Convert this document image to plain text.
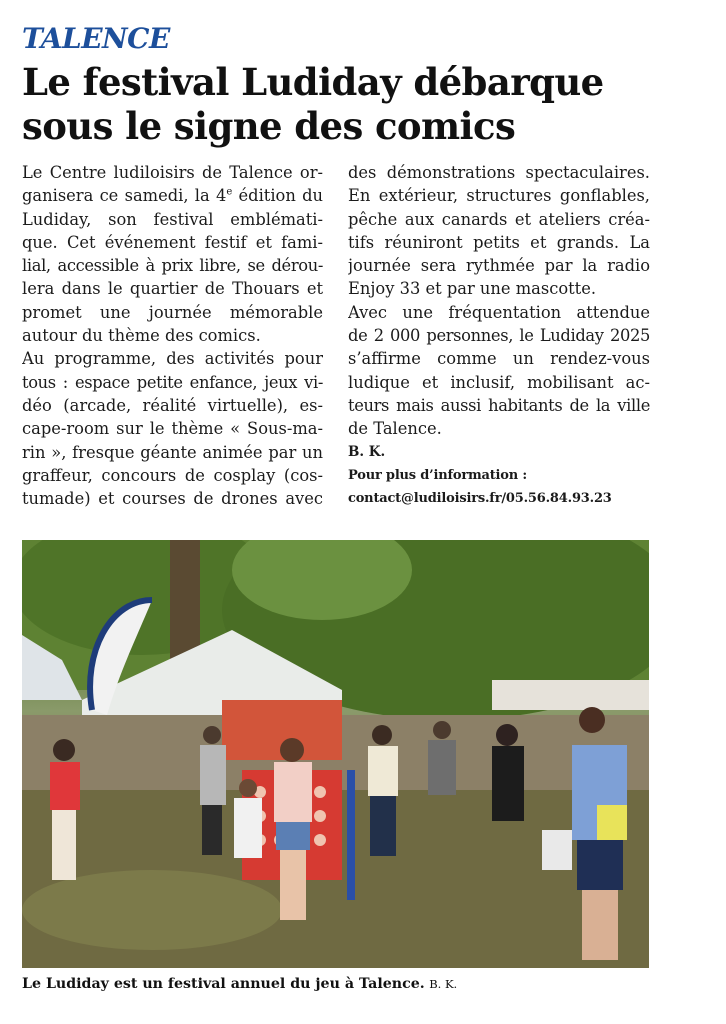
TALENCE
Le festival Ludiday débarque
sous le signe des comics
Le Centre ludiloisirs de Talence or-
ganisera ce samedi, la 4e édition du
Ludiday, son festival emblémati-
que. Cet événement festif et fami-
lial, accessible à prix libre, se dérou-
lera dans le quartier de Thouars et
promet une journée mémorable
autour du thème des comics.
Au programme, des activités pour
tous : espace petite enfance, jeux vi-
déo (arcade, réalité virtuelle), es-
cape-room sur le thème « Sous-ma-
rin », fresque géante animée par un
graffeur, concours de cosplay (cos-
tumade) et courses de drones avec
des démonstrations spectaculaires.
En extérieur, structures gonflables,
pêche aux canards et ateliers créa-
tifs réuniront petits et grands. La
journée sera rythmée par la radio
Enjoy 33 et par une mascotte.
Avec une fréquentation attendue
de 2 000 personnes, le Ludiday 2025
s’affirme comme un rendez-vous
ludique et inclusif, mobilisant ac-
teurs mais aussi habitants de la ville
de Talence.
B. K.
Pour plus d’information :
contact@ludiloisirs.fr/05.56.84.93.23
Le Ludiday est un festival annuel du jeu à Talence. B. K.
